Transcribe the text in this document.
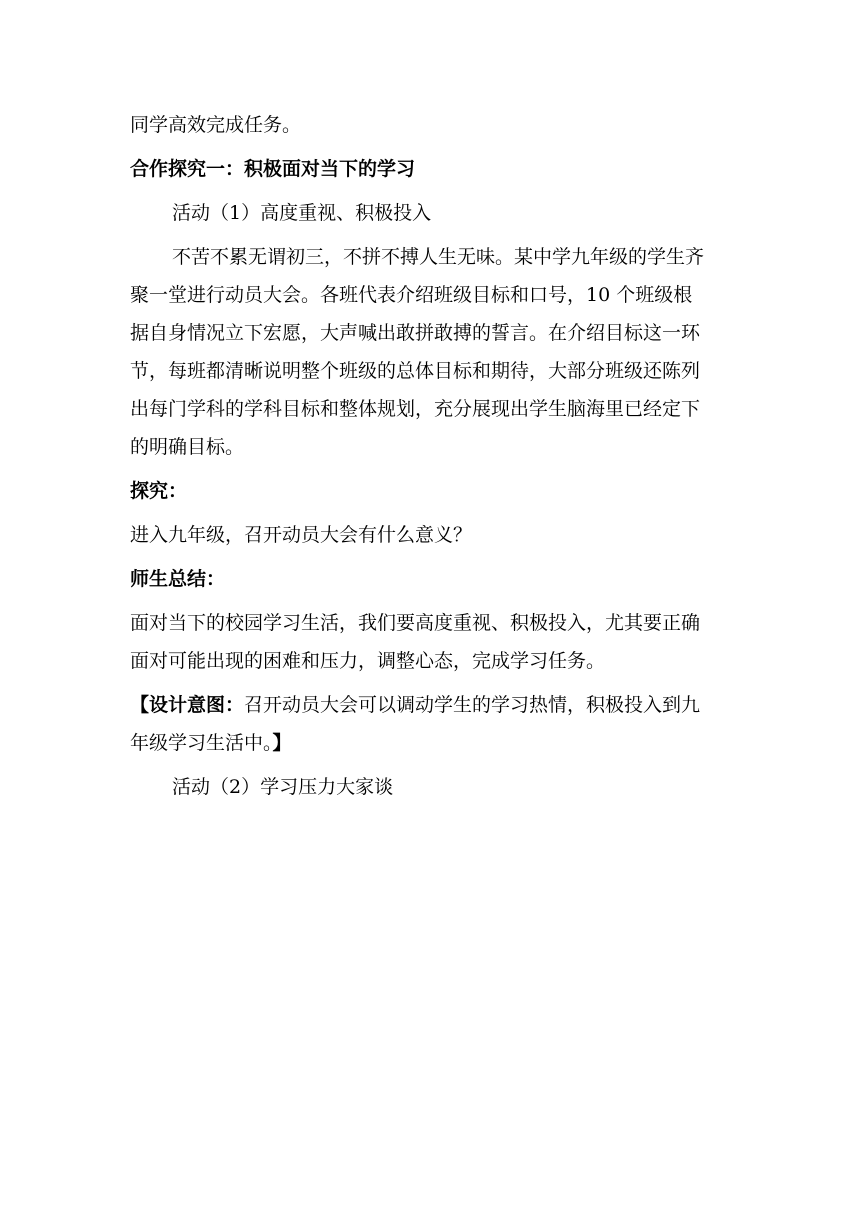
同学高效完成任务。

合作探究一：积极面对当下的学习

活动（1）高度重视、积极投入

不苦不累无谓初三，不拼不搏人生无味。某中学九年级的学生齐

聚一堂进行动员大会。各班代表介绍班级目标和口号，10 个班级根

据自身情况立下宏愿，大声喊出敢拼敢搏的誓言。在介绍目标这一环

节，每班都清晰说明整个班级的总体目标和期待，大部分班级还陈列

出每门学科的学科目标和整体规划，充分展现出学生脑海里已经定下

的明确目标。

探究：

进入九年级，召开动员大会有什么意义？

师生总结：

面对当下的校园学习生活，我们要高度重视、积极投入，尤其要正确

面对可能出现的困难和压力，调整心态，完成学习任务。

【设计意图：召开动员大会可以调动学生的学习热情，积极投入到九

年级学习生活中。】

活动（2）学习压力大家谈
